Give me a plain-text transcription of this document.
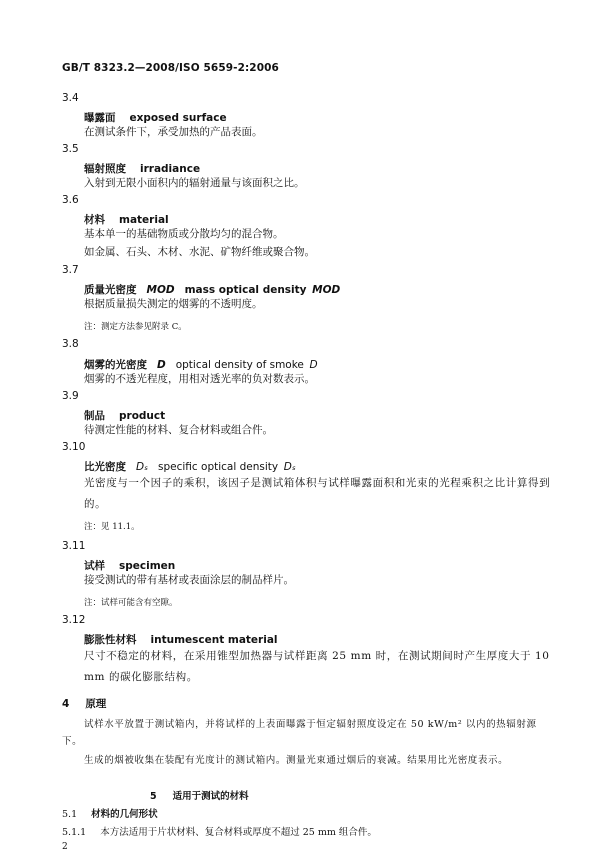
GB/T 8323.2—2008/ISO 5659-2:2006
3.4
曝露面 exposed surface
在测试条件下，承受加热的产品表面。
3.5
辐射照度 irradiance
入射到无限小面积内的辐射通量与该面积之比。
3.6
材料 material
基本单一的基础物质或分散均匀的混合物。
如金属、石头、木材、水泥、矿物纤维或聚合物。
3.7
质量光密度 MOD mass optical density MOD
根据质量损失测定的烟雾的不透明度。
注：测定方法参见附录 C。
3.8
烟雾的光密度 D optical density of smoke D
烟雾的不透光程度，用相对透光率的负对数表示。
3.9
制品 product
待测定性能的材料、复合材料或组合件。
3.10
比光密度 Dₛ specific optical density Dₛ
光密度与一个因子的乘积，该因子是测试箱体积与试样曝露面积和光束的光程乘积之比计算得到的。
注：见 11.1。
3.11
试样 specimen
接受测试的带有基材或表面涂层的制品样片。
注：试样可能含有空隙。
3.12
膨胀性材料 intumescent material
尺寸不稳定的材料，在采用锥型加热器与试样距离 25 mm 时，在测试期间时产生厚度大于 10 mm 的碳化膨胀结构。
4 原理
试样水平放置于测试箱内，并将试样的上表面曝露于恒定辐射照度设定在 50 kW/m² 以内的热辐射源下。
生成的烟被收集在装配有光度计的测试箱内。测量光束通过烟后的衰减。结果用比光密度表示。
5 适用于测试的材料
5.1 材料的几何形状
5.1.1 本方法适用于片状材料、复合材料或厚度不超过 25 mm 组合件。
2
